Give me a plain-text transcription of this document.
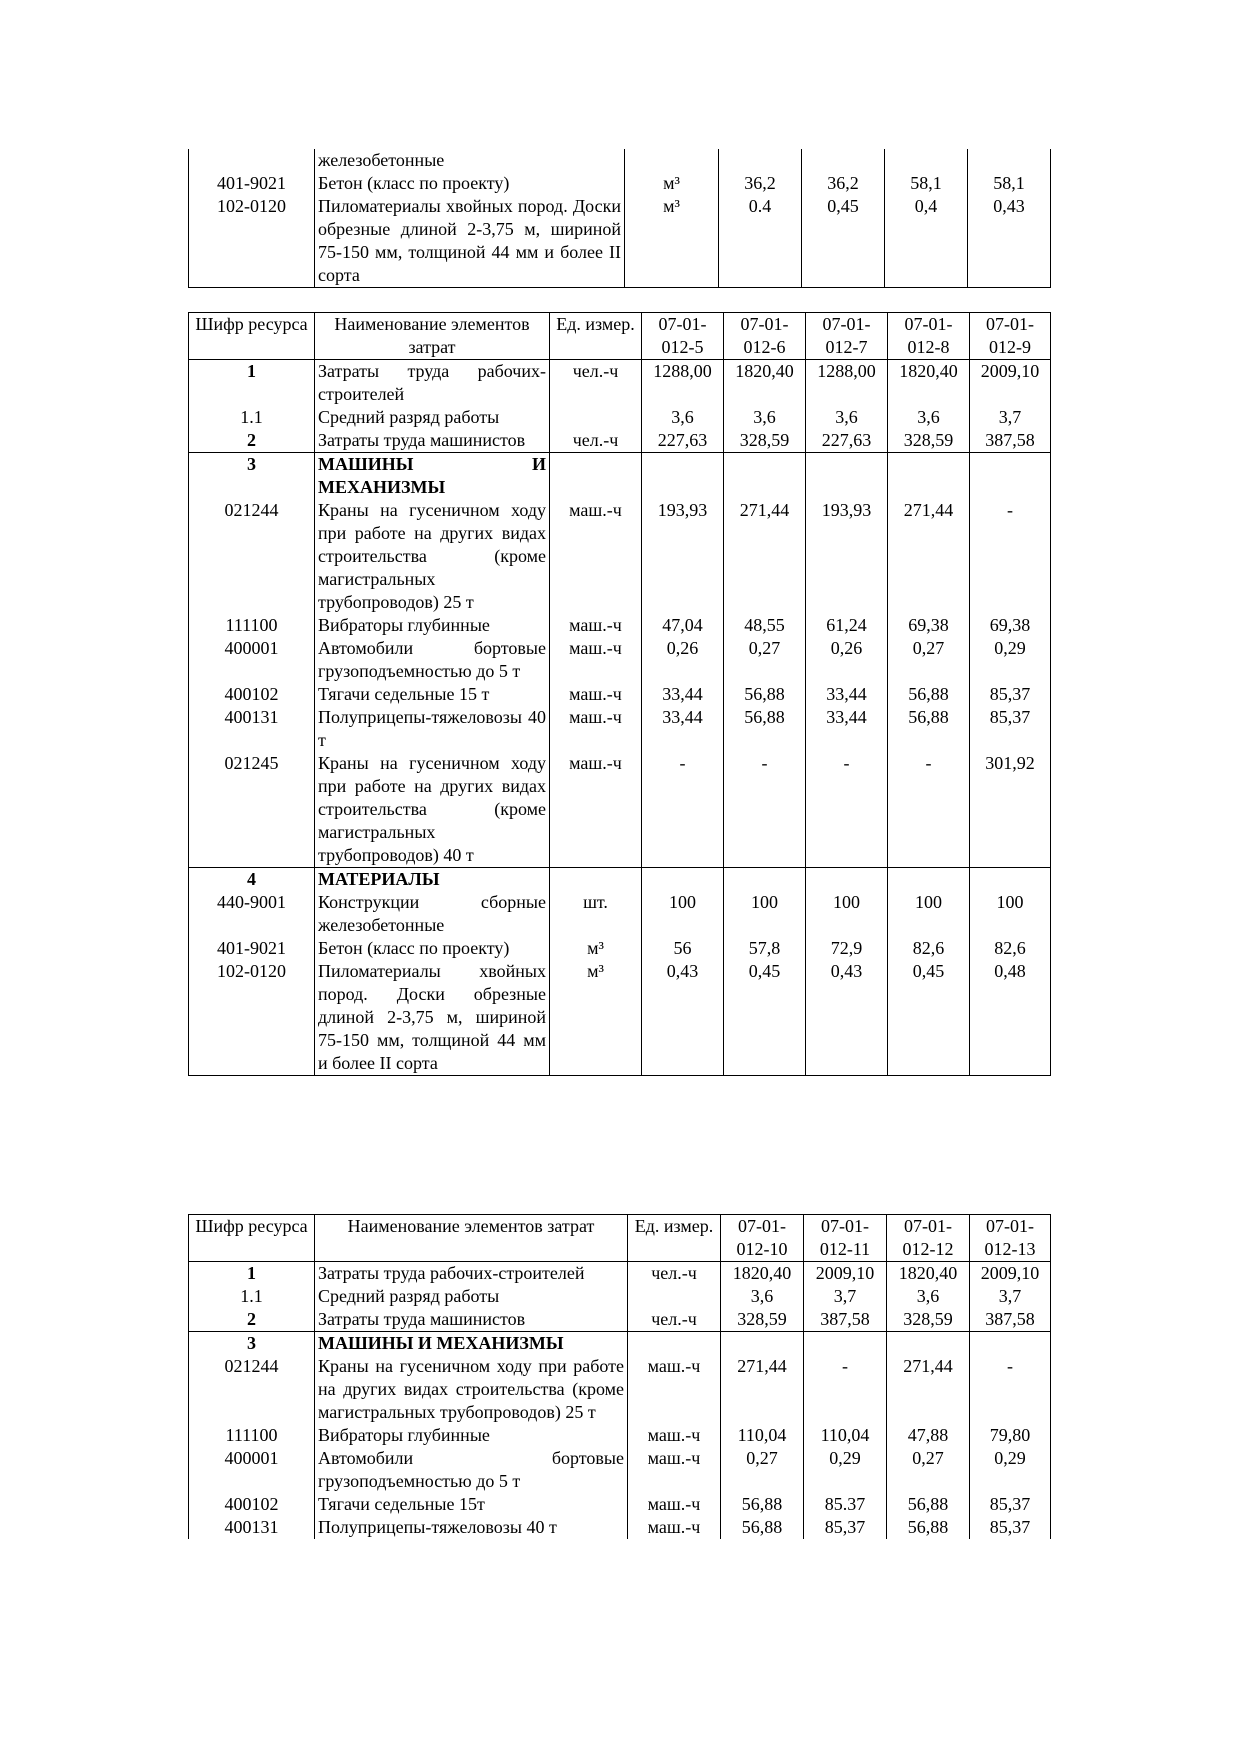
	железобетонные					
401-9021	Бетон (класс по проекту)	м³	36,2	36,2	58,1	58,1
102-0120	Пиломатериалы хвойных пород. Доски обрезные длиной 2-3,75 м, шириной 75-150 мм, толщиной 44 мм и более II сорта	м³	0.4	0,45	0,4	0,43
Шифр ресурса	Наименование элементов затрат	Ед. измер.	07-01-012-5	07-01-012-6	07-01-012-7	07-01-012-8	07-01-012-9
1	Затраты труда рабочих-строителей	чел.-ч	1288,00	1820,40	1288,00	1820,40	2009,10
1.1	Средний разряд работы		3,6	3,6	3,6	3,6	3,7
2	Затраты труда машинистов	чел.-ч	227,63	328,59	227,63	328,59	387,58
3	МАШИНЫ И МЕХАНИЗМЫ						
021244	Краны на гусеничном ходу при работе на других видах строительства (кроме магистральных трубопроводов) 25 т	маш.-ч	193,93	271,44	193,93	271,44	-
111100	Вибраторы глубинные	маш.-ч	47,04	48,55	61,24	69,38	69,38
400001	Автомобили бортовые грузоподъемностью до 5 т	маш.-ч	0,26	0,27	0,26	0,27	0,29
400102	Тягачи седельные 15 т	маш.-ч	33,44	56,88	33,44	56,88	85,37
400131	Полуприцепы-тяжеловозы 40 т	маш.-ч	33,44	56,88	33,44	56,88	85,37
021245	Краны на гусеничном ходу при работе на других видах строительства (кроме магистральных трубопроводов) 40 т	маш.-ч	-	-	-	-	301,92
4	МАТЕРИАЛЫ						
440-9001	Конструкции сборные железобетонные	шт.	100	100	100	100	100
401-9021	Бетон (класс по проекту)	м³	56	57,8	72,9	82,6	82,6
102-0120	Пиломатериалы хвойных пород. Доски обрезные длиной 2-3,75 м, шириной 75-150 мм, толщиной 44 мм и более II сорта	м³	0,43	0,45	0,43	0,45	0,48
Шифр ресурса	Наименование элементов затрат	Ед. измер.	07-01-012-10	07-01-012-11	07-01-012-12	07-01-012-13
1	Затраты труда рабочих-строителей	чел.-ч	1820,40	2009,10	1820,40	2009,10
1.1	Средний разряд работы		3,6	3,7	3,6	3,7
2	Затраты труда машинистов	чел.-ч	328,59	387,58	328,59	387,58
3	МАШИНЫ И МЕХАНИЗМЫ					
021244	Краны на гусеничном ходу при работе на других видах строительства (кроме магистральных трубопроводов) 25 т	маш.-ч	271,44	-	271,44	-
111100	Вибраторы глубинные	маш.-ч	110,04	110,04	47,88	79,80
400001	Автомобили бортовые грузоподъемностью до 5 т	маш.-ч	0,27	0,29	0,27	0,29
400102	Тягачи седельные 15т	маш.-ч	56,88	85.37	56,88	85,37
400131	Полуприцепы-тяжеловозы 40 т	маш.-ч	56,88	85,37	56,88	85,37
